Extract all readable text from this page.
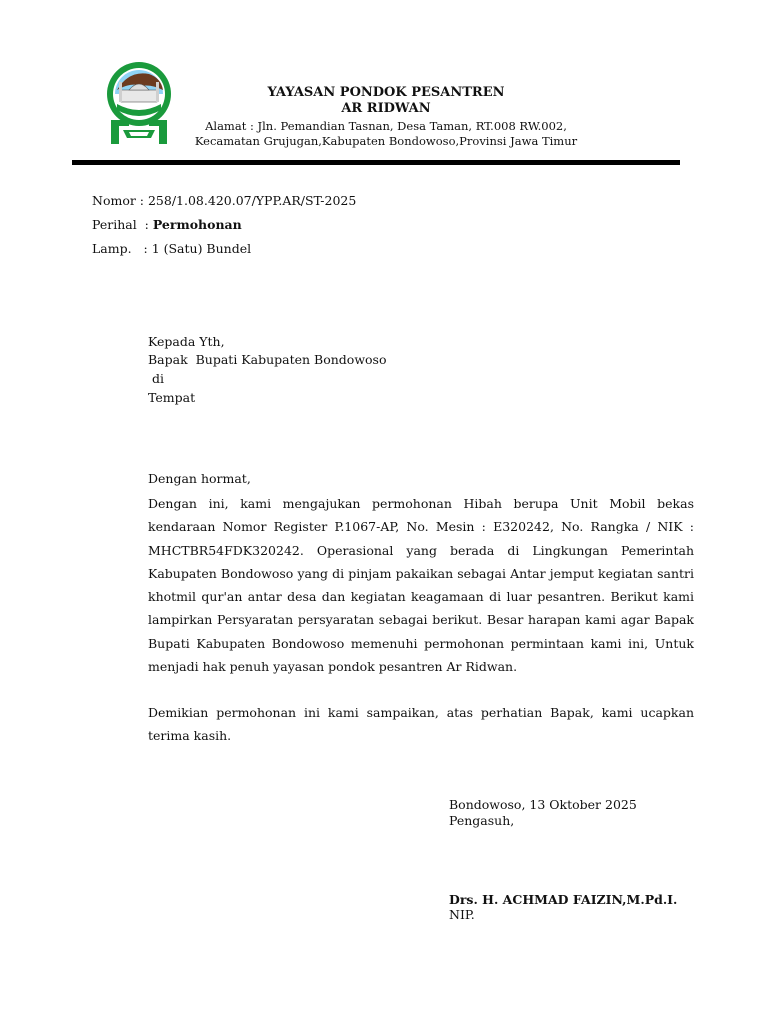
YAYASAN PONDOK PESANTREN
AR RIDWAN
Alamat : Jln. Pemandian Tasnan, Desa Taman, RT.008 RW.002,
Kecamatan Grujugan,Kabupaten Bondowoso,Provinsi Jawa Timur
Nomor : 258/1.08.420.07/YPP.AR/ST-2025
Perihal  : Permohonan
Lamp.   : 1 (Satu) Bundel
Kepada Yth,
Bapak  Bupati Kabupaten Bondowoso
di
Tempat
Dengan hormat,
Dengan ini, kami mengajukan permohonan Hibah berupa Unit Mobil bekas kendaraan Nomor Register P.1067-AP, No. Mesin : E320242, No. Rangka / NIK : MHCTBR54FDK320242. Operasional yang berada di Lingkungan Pemerintah Kabupaten Bondowoso yang di pinjam pakaikan sebagai Antar jemput kegiatan santri khotmil qur'an antar desa dan kegiatan keagamaan di luar pesantren. Berikut kami lampirkan Persyaratan persyaratan sebagai berikut. Besar harapan kami agar Bapak Bupati Kabupaten Bondowoso memenuhi permohonan permintaan kami ini, Untuk menjadi hak penuh yayasan pondok pesantren Ar Ridwan.
Demikian permohonan ini kami sampaikan, atas perhatian Bapak, kami ucapkan terima kasih.
Bondowoso, 13 Oktober 2025
Pengasuh,
Drs. H. ACHMAD FAIZIN,M.Pd.I.
NIP.
